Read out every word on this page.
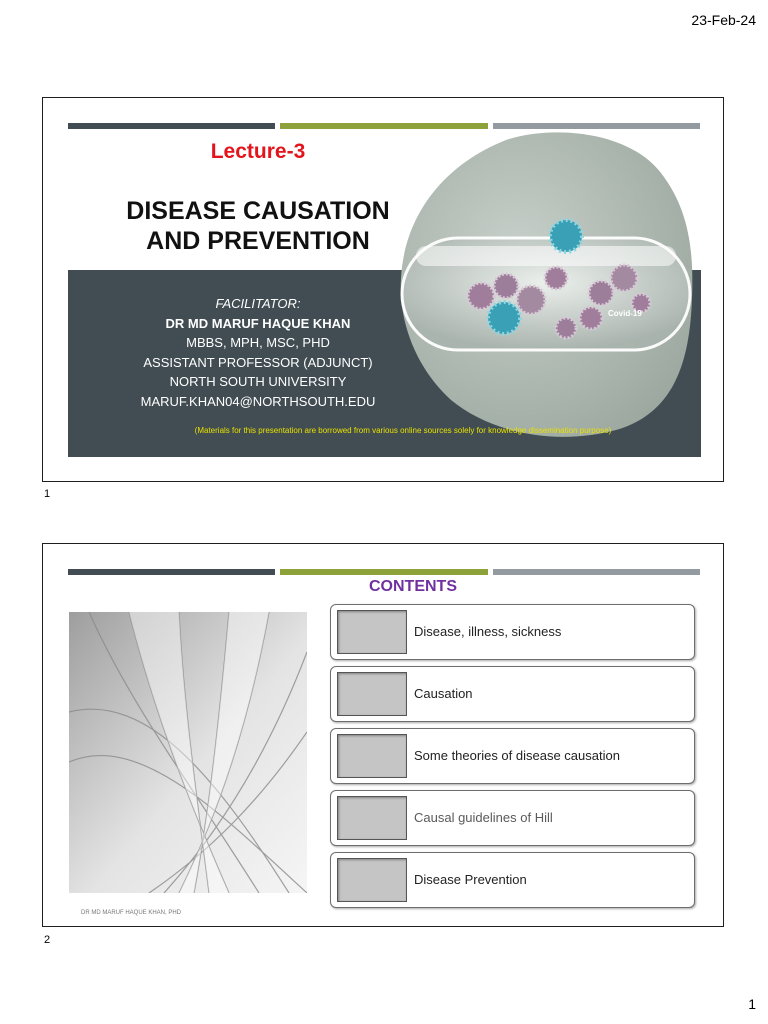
23-Feb-24
Lecture-3
DISEASE CAUSATION
AND PREVENTION
FACILITATOR:
DR MD MARUF HAQUE KHAN
MBBS, MPH, MSC, PHD
ASSISTANT PROFESSOR (ADJUNCT)
NORTH SOUTH UNIVERSITY
MARUF.KHAN04@NORTHSOUTH.EDU
Covid-19
(Materials for this presentation are borrowed from various online sources solely for knowledge dissemination purpose)
1
CONTENTS
Disease, illness, sickness
Causation
Some theories of disease causation
Causal guidelines of Hill
Disease Prevention
DR MD MARUF HAQUE KHAN, PHD
2
1
